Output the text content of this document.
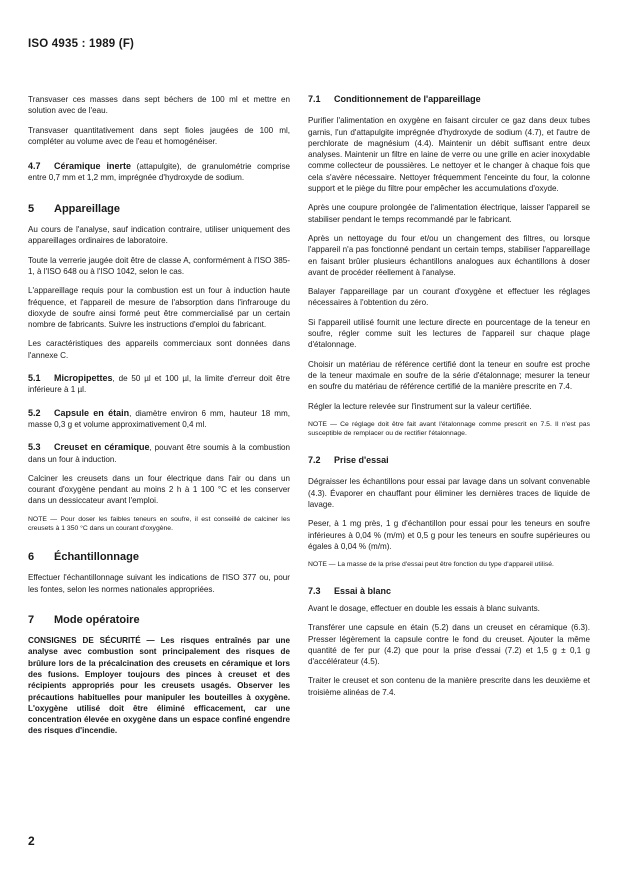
ISO 4935 : 1989 (F)

Transvaser ces masses dans sept béchers de 100 ml et mettre en solution avec de l'eau.

Transvaser quantitativement dans sept fioles jaugées de 100 ml, compléter au volume avec de l'eau et homogénéiser.

4.7 Céramique inerte (attapulgite), de granulométrie comprise entre 0,7 mm et 1,2 mm, imprégnée d'hydroxyde de sodium.

5 Appareillage

Au cours de l'analyse, sauf indication contraire, utiliser uniquement des appareillages ordinaires de laboratoire.

Toute la verrerie jaugée doit être de classe A, conformément à l'ISO 385-1, à l'ISO 648 ou à l'ISO 1042, selon le cas.

L'appareillage requis pour la combustion est un four à induction haute fréquence, et l'appareil de mesure de l'absorption dans l'infrarouge du dioxyde de soufre ainsi formé peut être commercialisé par un certain nombre de fabricants. Suivre les instructions d'emploi du fabricant.

Les caractéristiques des appareils commerciaux sont données dans l'annexe C.

5.1 Micropipettes, de 50 µl et 100 µl, la limite d'erreur doit être inférieure à 1 µl.

5.2 Capsule en étain, diamètre environ 6 mm, hauteur 18 mm, masse 0,3 g et volume approximativement 0,4 ml.

5.3 Creuset en céramique, pouvant être soumis à la combustion dans un four à induction.

Calciner les creusets dans un four électrique dans l'air ou dans un courant d'oxygène pendant au moins 2 h à 1 100 °C et les conserver dans un dessiccateur avant l'emploi.

NOTE — Pour doser les faibles teneurs en soufre, il est conseillé de calciner les creusets à 1 350 °C dans un courant d'oxygène.

6 Échantillonnage

Effectuer l'échantillonnage suivant les indications de l'ISO 377 ou, pour les fontes, selon les normes nationales appropriées.

7 Mode opératoire

CONSIGNES DE SÉCURITÉ — Les risques entraînés par une analyse avec combustion sont principalement des risques de brûlure lors de la précalcination des creusets en céramique et lors des fusions. Employer toujours des pinces à creuset et des récipients appropriés pour les creusets usagés. Observer les précautions habituelles pour manipuler les bouteilles à oxygène. L'oxygène utilisé doit être éliminé efficacement, car une concentration élevée en oxygène dans un espace confiné engendre des risques d'incendie.

7.1 Conditionnement de l'appareillage

Purifier l'alimentation en oxygène en faisant circuler ce gaz dans deux tubes garnis, l'un d'attapulgite imprégnée d'hydroxyde de sodium (4.7), et l'autre de perchlorate de magnésium (4.4). Maintenir un débit suffisant entre deux analyses. Maintenir un filtre en laine de verre ou une grille en acier inoxydable comme collecteur de poussières. Le nettoyer et le changer à chaque fois que cela s'avère nécessaire. Nettoyer fréquemment l'enceinte du four, la colonne support et le piège du filtre pour empêcher les accumulations d'oxyde.

Après une coupure prolongée de l'alimentation électrique, laisser l'appareil se stabiliser pendant le temps recommandé par le fabricant.

Après un nettoyage du four et/ou un changement des filtres, ou lorsque l'appareil n'a pas fonctionné pendant un certain temps, stabiliser l'appareillage en faisant brûler plusieurs échantillons analogues aux échantillons à doser avant de procéder réellement à l'analyse.

Balayer l'appareillage par un courant d'oxygène et effectuer les réglages nécessaires à l'obtention du zéro.

Si l'appareil utilisé fournit une lecture directe en pourcentage de la teneur en soufre, régler comme suit les lectures de l'appareil sur chaque plage d'étalonnage.

Choisir un matériau de référence certifié dont la teneur en soufre est proche de la teneur maximale en soufre de la série d'étalonnage; mesurer la teneur en soufre du matériau de référence certifié de la manière prescrite en 7.4.

Régler la lecture relevée sur l'instrument sur la valeur certifiée.

NOTE — Ce réglage doit être fait avant l'étalonnage comme prescrit en 7.5. Il n'est pas susceptible de remplacer ou de rectifier l'étalonnage.

7.2 Prise d'essai

Dégraisser les échantillons pour essai par lavage dans un solvant convenable (4.3). Évaporer en chauffant pour éliminer les dernières traces de liquide de lavage.

Peser, à 1 mg près, 1 g d'échantillon pour essai pour les teneurs en soufre inférieures à 0,04 % (m/m) et 0,5 g pour les teneurs en soufre supérieures ou égales à 0,04 % (m/m).

NOTE — La masse de la prise d'essai peut être fonction du type d'appareil utilisé.

7.3 Essai à blanc

Avant le dosage, effectuer en double les essais à blanc suivants.

Transférer une capsule en étain (5.2) dans un creuset en céramique (6.3). Presser légèrement la capsule contre le fond du creuset. Ajouter la même quantité de fer pur (4.2) que pour la prise d'essai (7.2) et 1,5 g ± 0,1 g d'accélérateur (4.5).

Traiter le creuset et son contenu de la manière prescrite dans les deuxième et troisième alinéas de 7.4.

2
